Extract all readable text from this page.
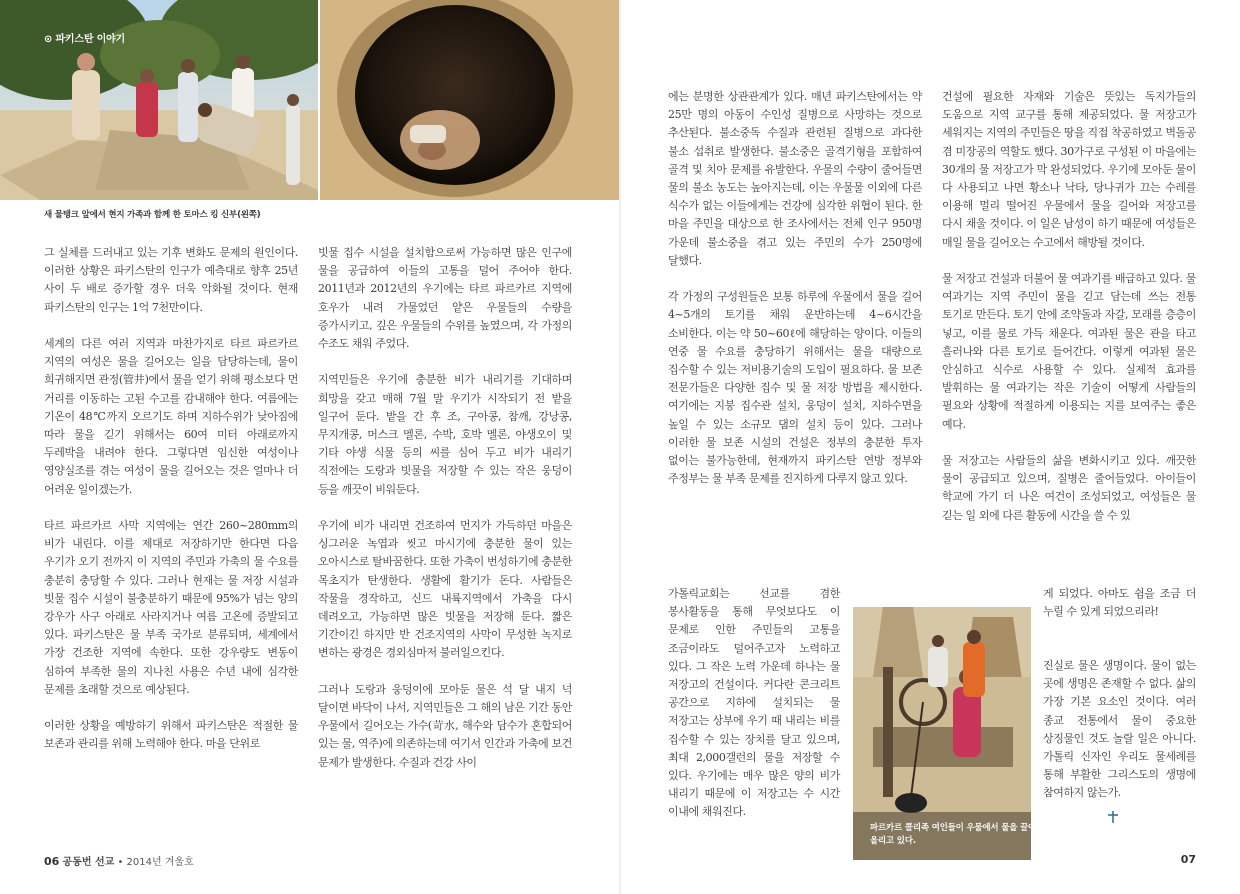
⊙ 파키스탄 이야기
새 물탱크 앞에서 현지 가족과 함께 한 토마스 킹 신부(왼쪽)

그 실체를 드러내고 있는 기후 변화도 문제의 원인이다. 이러한 상황은 파키스탄의 인구가 예측대로 향후 25년 사이 두 배로 증가할 경우 더욱 악화될 것이다. 현재 파키스탄의 인구는 1억 7천만이다.

세계의 다른 여러 지역과 마찬가지로 타르 파르카르 지역의 여성은 물을 길어오는 일을 담당하는데, 물이 희귀해지면 관정(管井)에서 물을 얻기 위해 평소보다 먼 거리를 이동하는 고된 수고를 감내해야 한다. 여름에는 기온이 48℃까지 오르기도 하며 지하수위가 낮아짐에 따라 물을 긷기 위해서는 60여 미터 아래로까지 두레박을 내려야 한다. 그렇다면 임신한 여성이나 영양실조를 겪는 여성이 물을 길어오는 것은 얼마나 더 어려운 일이겠는가.

타르 파르카르 사막 지역에는 연간 260~280mm의 비가 내린다. 이를 제대로 저장하기만 한다면 다음 우기가 오기 전까지 이 지역의 주민과 가축의 물 수요를 충분히 충당할 수 있다. 그러나 현재는 물 저장 시설과 빗물 집수 시설이 불충분하기 때문에 95%가 넘는 양의 강우가 사구 아래로 사라지거나 여름 고온에 증발되고 있다. 파키스탄은 물 부족 국가로 분류되며, 세계에서 가장 건조한 지역에 속한다. 또한 강우량도 변동이 심하여 부족한 물의 지나친 사용은 수년 내에 심각한 문제를 초래할 것으로 예상된다.

이러한 상황을 예방하기 위해서 파키스탄은 적절한 물 보존과 관리를 위해 노력해야 한다. 마을 단위로

빗물 집수 시설을 설치함으로써 가능하면 많은 인구에 물을 공급하여 이들의 고통을 덜어 주어야 한다. 2011년과 2012년의 우기에는 타르 파르카르 지역에 호우가 내려 가물었던 얕은 우물들의 수량을 증가시키고, 깊은 우물들의 수위를 높였으며, 각 가정의 수조도 채워 주었다.

지역민들은 우기에 충분한 비가 내리기를 기대하며 희망을 갖고 매해 7월 말 우기가 시작되기 전 밭을 일구어 둔다. 밭을 간 후 조, 구아콩, 참깨, 강낭콩, 무지개콩, 머스크 멜론, 수박, 호박 멜론, 야생오이 및 기타 야생 식물 등의 씨를 심어 두고 비가 내리기 직전에는 도랑과 빗물을 저장할 수 있는 작은 웅덩이 등을 깨끗이 비워둔다.

우기에 비가 내리면 건조하여 먼지가 가득하던 마을은 싱그러운 녹엽과 씻고 마시기에 충분한 물이 있는 오아시스로 탈바꿈한다. 또한 가축이 번성하기에 충분한 목초지가 탄생한다. 생활에 활기가 돈다. 사람들은 작물을 경작하고, 신드 내륙지역에서 가축을 다시 데려오고, 가능하면 많은 빗물을 저장해 둔다. 짧은 기간이긴 하지만 반 건조지역의 사막이 무성한 녹지로 변하는 광경은 경외심마저 불러일으킨다.

그러나 도랑과 웅덩이에 모아둔 물은 석 달 내지 넉 달이면 바닥이 나서, 지역민들은 그 해의 남은 기간 동안 우물에서 길어오는 가수(苛水, 해수와 담수가 혼합되어 있는 물, 역주)에 의존하는데 여기서 인간과 가축에 보건 문제가 발생한다. 수질과 건강 사이

에는 분명한 상관관계가 있다. 매년 파키스탄에서는 약 25만 명의 아동이 수인성 질병으로 사망하는 것으로 추산된다. 불소중독 수질과 관련된 질병으로 과다한 불소 섭취로 발생한다. 불소중은 골격기형을 포함하여 골격 및 치아 문제를 유발한다. 우물의 수량이 줄어들면 물의 불소 농도는 높아지는데, 이는 우물물 이외에 다른 식수가 없는 이들에게는 건강에 심각한 위협이 된다. 한 마을 주민을 대상으로 한 조사에서는 전체 인구 950명 가운데 불소중을 겪고 있는 주민의 수가 250명에 달했다.

각 가정의 구성원들은 보통 하루에 우물에서 물을 길어 4~5개의 토기를 채워 운반하는데 4~6시간을 소비한다. 이는 약 50~60ℓ에 해당하는 양이다. 이들의 연중 물 수요를 충당하기 위해서는 물을 대량으로 집수할 수 있는 저비용기술의 도입이 필요하다. 물 보존 전문가들은 다양한 집수 및 물 저장 방법을 제시한다. 여기에는 지붕 집수관 설치, 웅덩이 설치, 지하수면을 높일 수 있는 소규모 댐의 설치 등이 있다. 그러나 이러한 물 보존 시설의 건설은 정부의 충분한 투자 없이는 불가능한데, 현재까지 파키스탄 연방 정부와 주정부는 물 부족 문제를 진지하게 다루지 않고 있다.

가톨릭교회는 선교를 겸한 봉사활동을 통해 무엇보다도 이 문제로 인한 주민들의 고통을 조금이라도 덜어주고자 노력하고 있다. 그 작은 노력 가운데 하나는 물 저장고의 건설이다. 커다란 콘크리트 공간으로 지하에 설치되는 물 저장고는 상부에 우기 때 내리는 비를 집수할 수 있는 장치를 달고 있으며, 최대 2,000갤런의 물을 저장할 수 있다. 우기에는 매우 많은 양의 비가 내리기 때문에 이 저장고는 수 시간 이내에 채워진다.

건설에 필요한 자재와 기술은 뜻있는 독지가들의 도움으로 지역 교구를 통해 제공되었다. 물 저장고가 세워지는 지역의 주민들은 땅을 직접 착공하였고 벽돌공 겸 미장공의 역할도 했다. 30가구로 구성된 이 마을에는 30개의 물 저장고가 막 완성되었다. 우기에 모아둔 물이 다 사용되고 나면 황소나 낙타, 당나귀가 끄는 수레를 이용해 멀리 떨어진 우물에서 물을 길어와 저장고를 다시 채울 것이다. 이 일은 남성이 하기 때문에 여성들은 매일 물을 길어오는 수고에서 해방될 것이다.

물 저장고 건설과 더불어 물 여과기를 배급하고 있다. 물 여과기는 지역 주민이 물을 긷고 담는데 쓰는 전통 토기로 만든다. 토기 안에 조약돌과 자갈, 모래를 층층이 넣고, 이를 물로 가득 채운다. 여과된 물은 관을 타고 흘러나와 다른 토기로 들어간다. 이렇게 여과된 물은 안심하고 식수로 사용할 수 있다. 실제적 효과를 발휘하는 물 여과기는 작은 기술이 어떻게 사람들의 필요와 상황에 적절하게 이용되는 지를 보여주는 좋은 예다.

물 저장고는 사람들의 삶을 변화시키고 있다. 깨끗한 물이 공급되고 있으며, 질병은 줄어들었다. 아이들이 학교에 가기 더 나은 여건이 조성되었고, 여성들은 물 긷는 일 외에 다른 활동에 시간을 쓸 수 있

게 되었다. 아마도 쉼을 조금 더 누릴 수 있게 되었으리라!
진실로 물은 생명이다. 물이 없는 곳에 생명은 존재할 수 없다. 삶의 가장 기본 요소인 것이다. 여러 종교 전통에서 물이 중요한 상징물인 것도 놀랄 일은 아니다. 가톨릭 신자인 우리도 물세례를 통해 부활한 그리스도의 생명에 참여하지 않는가.
파르카르 콜리족 여인들이 우물에서 물을 끌어 올리고 있다.
06 공동번 선교 • 2014년 겨울호	07
